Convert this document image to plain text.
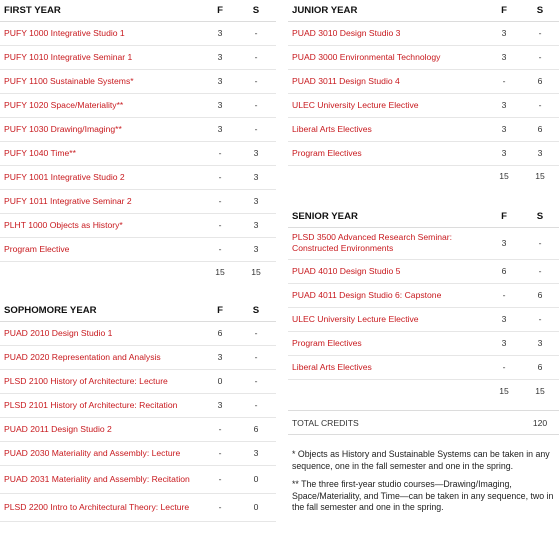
FIRST YEAR	F	S
PUFY 1000 Integrative Studio 1	3	-
PUFY 1010 Integrative Seminar 1	3	-
PUFY 1100 Sustainable Systems*	3	-
PUFY 1020 Space/Materiality**	3	-
PUFY 1030 Drawing/Imaging**	3	-
PUFY 1040 Time**	-	3
PUFY 1001 Integrative Studio 2	-	3
PUFY 1011 Integrative Seminar 2	-	3
PLHT 1000 Objects as History*	-	3
Program Elective	-	3
	15	15
SOPHOMORE YEAR	F	S
PUAD 2010 Design Studio 1	6	-
PUAD 2020 Representation and Analysis	3	-
PLSD 2100 History of Architecture: Lecture	0	-
PLSD 2101 History of Architecture: Recitation	3	-
PUAD 2011 Design Studio 2	-	6
PUAD 2030 Materiality and Assembly: Lecture	-	3
PUAD 2031 Materiality and Assembly: Recitation	-	0
PLSD 2200 Intro to Architectural Theory: Lecture	-	0
JUNIOR YEAR	F	S
PUAD 3010 Design Studio 3	3	-
PUAD 3000 Environmental Technology	3	-
PUAD 3011 Design Studio 4	-	6
ULEC University Lecture Elective	3	-
Liberal Arts Electives	3	6
Program Electives	3	3
	15	15
SENIOR YEAR	F	S
PLSD 3500 Advanced Research Seminar: Constructed Environments	3	-
PUAD 4010 Design Studio 5	6	-
PUAD 4011 Design Studio 6: Capstone	-	6
ULEC University Lecture Elective	3	-
Program Electives	3	3
Liberal Arts Electives	-	6
	15	15
TOTAL CREDITS		120

* Objects as History and Sustainable Systems can be taken in any sequence, one in the fall semester and one in the spring.

** The three first-year studio courses—Drawing/Imaging, Space/Materiality, and Time—can be taken in any sequence, two in the fall semester and one in the spring.
